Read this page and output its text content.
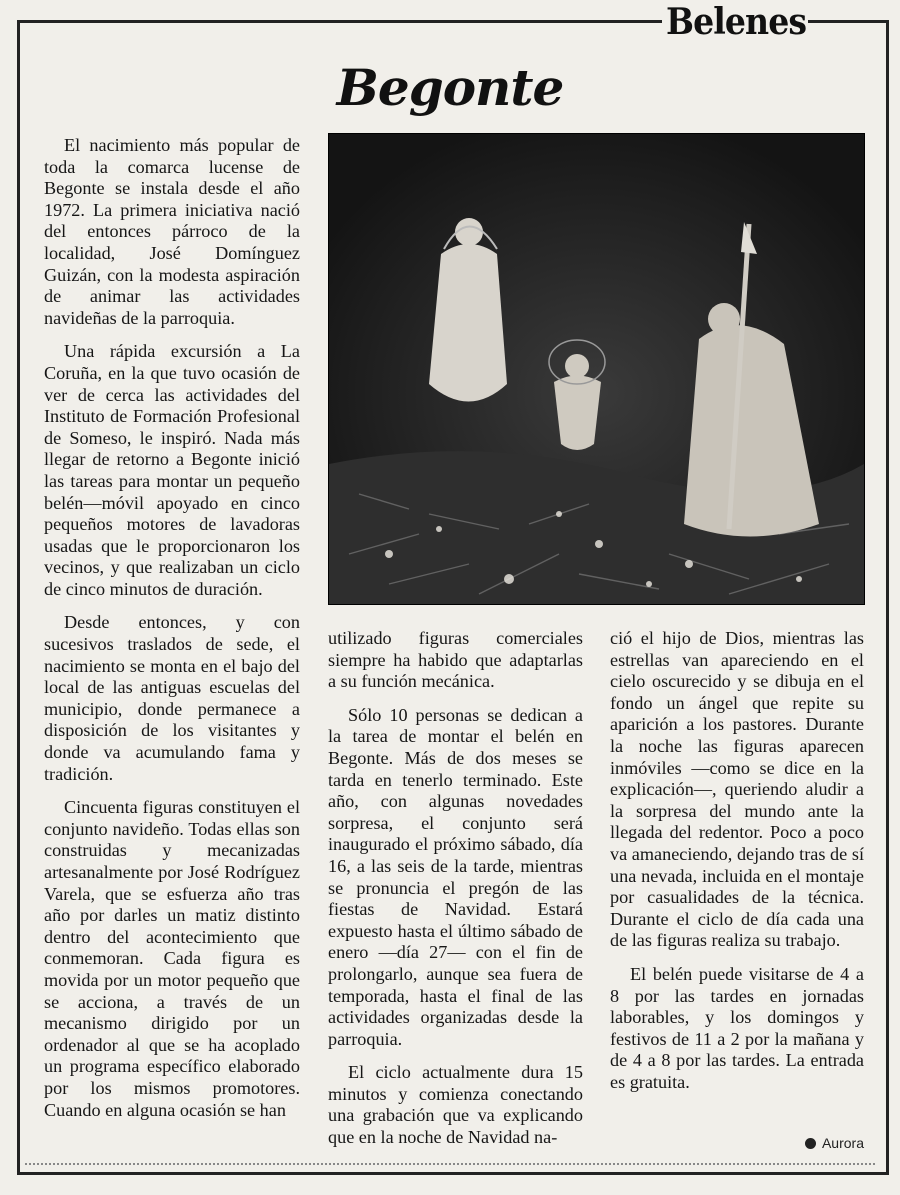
Belenes
Begonte

El nacimiento más popular de toda la comarca lucense de Begonte se instala desde el año 1972. La primera iniciativa nació del entonces párroco de la localidad, José Domínguez Guizán, con la modesta aspiración de animar las actividades navideñas de la parroquia.

Una rápida excursión a La Coruña, en la que tuvo ocasión de ver de cerca las actividades del Instituto de Formación Profesional de Someso, le inspiró. Nada más llegar de retorno a Begonte inició las tareas para montar un pequeño belén—móvil apoyado en cinco pequeños motores de lavadoras usadas que le proporcionaron los vecinos, y que realizaban un ciclo de cinco minutos de duración.

Desde entonces, y con sucesivos traslados de sede, el nacimiento se monta en el bajo del local de las antiguas escuelas del municipio, donde permanece a disposición de los visitantes y donde va acumulando fama y tradición.

Cincuenta figuras constituyen el conjunto navideño. Todas ellas son construidas y mecanizadas artesanalmente por José Rodríguez Varela, que se esfuerza año tras año por darles un matiz distinto dentro del acontecimiento que conmemoran. Cada figura es movida por un motor pequeño que se acciona, a través de un mecanismo dirigido por un ordenador al que se ha acoplado un programa específico elaborado por los mismos promotores. Cuando en alguna ocasión se han

utilizado figuras comerciales siempre ha habido que adaptarlas a su función mecánica.

Sólo 10 personas se dedican a la tarea de montar el belén en Begonte. Más de dos meses se tarda en tenerlo terminado. Este año, con algunas novedades sorpresa, el conjunto será inaugurado el próximo sábado, día 16, a las seis de la tarde, mientras se pronuncia el pregón de las fiestas de Navidad. Estará expuesto hasta el último sábado de enero —día 27— con el fin de prolongarlo, aunque sea fuera de temporada, hasta el final de las actividades organizadas desde la parroquia.

El ciclo actualmente dura 15 minutos y comienza conectando una grabación que va explicando que en la noche de Navidad na-

ció el hijo de Dios, mientras las estrellas van apareciendo en el cielo oscurecido y se dibuja en el fondo un ángel que repite su aparición a los pastores. Durante la noche las figuras aparecen inmóviles —como se dice en la explicación—, queriendo aludir a la sorpresa del mundo ante la llegada del redentor. Poco a poco va amaneciendo, dejando tras de sí una nevada, incluida en el montaje por casualidades de la técnica. Durante el ciclo de día cada una de las figuras realiza su trabajo.

El belén puede visitarse de 4 a 8 por las tardes en jornadas laborables, y los domingos y festivos de 11 a 2 por la mañana y de 4 a 8 por las tardes. La entrada es gratuita.

Aurora
